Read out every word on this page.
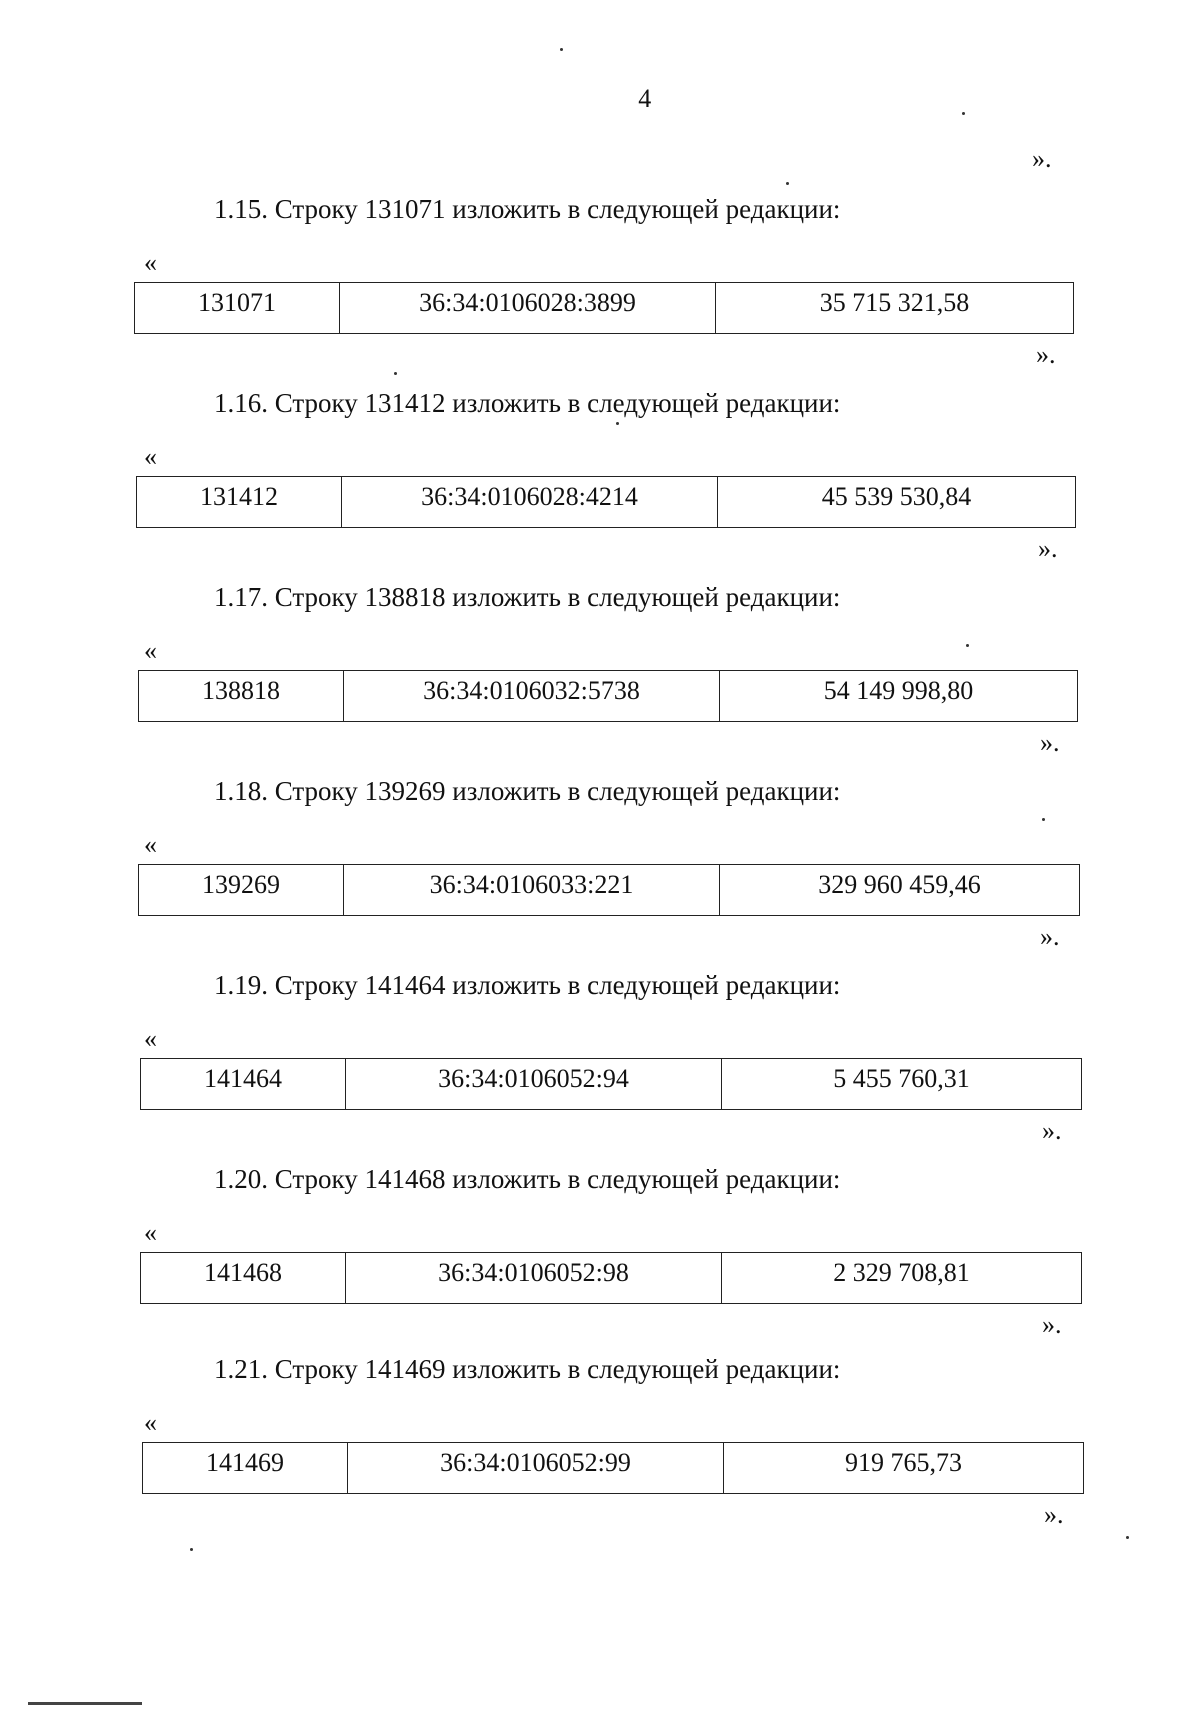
4
».
1.15. Строку 131071 изложить в следующей редакции:
«
131071	36:34:0106028:3899	35 715 321,58
».
1.16. Строку 131412 изложить в следующей редакции:
«
131412	36:34:0106028:4214	45 539 530,84
».
1.17. Строку 138818 изложить в следующей редакции:
«
138818	36:34:0106032:5738	54 149 998,80
».
1.18. Строку 139269 изложить в следующей редакции:
«
139269	36:34:0106033:221	329 960 459,46
».
1.19. Строку 141464 изложить в следующей редакции:
«
141464	36:34:0106052:94	5 455 760,31
».
1.20. Строку 141468 изложить в следующей редакции:
«
141468	36:34:0106052:98	2 329 708,81
».
1.21. Строку 141469 изложить в следующей редакции:
«
141469	36:34:0106052:99	919 765,73
».
